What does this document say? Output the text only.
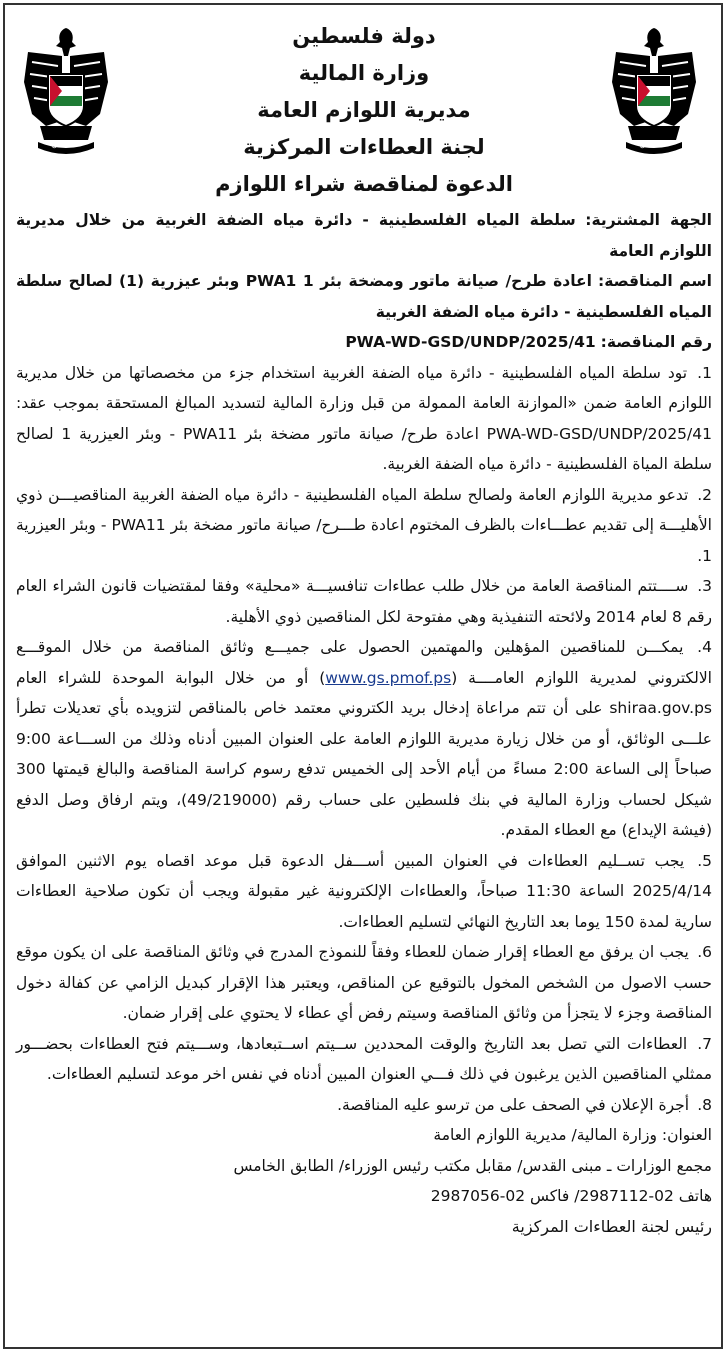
فلسطين	فلسطين
دولة فلسطين
وزارة المالية
مديرية اللوازم العامة
لجنة العطاءات المركزية
الدعوة لمناقصة شراء اللوازم

الجهة المشترية: سلطة المياه الفلسطينية - دائرة مياه الضفة الغربية من خلال مديرية اللوازم العامة

اسم المناقصة: اعادة طرح/ صيانة ماتور ومضخة بئر PWA1 1 وبئر عيزرية (1) لصالح سلطة المياه الفلسطينية - دائرة مياه الضفة الغربية

رقم المناقصة: PWA-WD-GSD/UNDP/2025/41

1. تود سلطة المياه الفلسطينية - دائرة مياه الضفة الغربية استخدام جزء من مخصصاتها من خلال مديرية اللوازم العامة ضمن «الموازنة العامة الممولة من قبل وزارة المالية لتسديد المبالغ المستحقة بموجب عقد: PWA-WD-GSD/UNDP/2025/41 اعادة طرح/ صيانة ماتور مضخة بئر PWA11 - وبئر العيزرية 1 لصالح سلطة المياة الفلسطينية - دائرة مياه الضفة الغربية.

2. تدعو مديرية اللوازم العامة ولصالح سلطة المياه الفلسطينية - دائرة مياه الضفة الغربية المناقصيـــن ذوي الأهليـــة إلى تقديم عطـــاءات بالظرف المختوم اعادة طـــرح/ صيانة ماتور مضخة بئر PWA11 - وبئر العيزرية 1.

3. ســــتتم المناقصة العامة من خلال طلب عطاءات تنافسيـــة «محلية» وفقا لمقتضيات قانون الشراء العام رقم 8 لعام 2014 ولائحته التنفيذية وهي مفتوحة لكل المناقصين ذوي الأهلية.

4. يمكـــن للمناقصين المؤهلين والمهتمين الحصول على جميـــع وثائق المناقصة من خلال الموقـــع الالكتروني لمديرية اللوازم العامــــة (www.gs.pmof.ps) أو من خلال البوابة الموحدة للشراء العام shiraa.gov.ps على أن تتم مراعاة إدخال بريد الكتروني معتمد خاص بالمناقص لتزويده بأي تعديلات تطرأ علـــى الوثائق، أو من خلال زيارة مديرية اللوازم العامة على العنوان المبين أدناه وذلك من الســـاعة 9:00 صباحاً إلى الساعة 2:00 مساءً من أيام الأحد إلى الخميس تدفع رسوم كراسة المناقصة والبالغ قيمتها 300 شيكل لحساب وزارة المالية في بنك فلسطين على حساب رقم (49/219000)، ويتم ارفاق وصل الدفع (فيشة الإيداع) مع العطاء المقدم.

5. يجب تســليم العطاءات في العنوان المبين أســـفل الدعوة قبل موعد اقصاه يوم الاثنين الموافق 2025/4/14 الساعة 11:30 صباحاً، والعطاءات الإلكترونية غير مقبولة ويجب أن تكون صلاحية العطاءات سارية لمدة 150 يوما بعد التاريخ النهائي لتسليم العطاءات.

6. يجب ان يرفق مع العطاء إقرار ضمان للعطاء وفقاً للنموذج المدرج في وثائق المناقصة على ان يكون موقع حسب الاصول من الشخص المخول بالتوقيع عن المناقص، ويعتبر هذا الإقرار كبديل الزامي عن كفالة دخول المناقصة وجزء لا يتجزأ من وثائق المناقصة وسيتم رفض أي عطاء لا يحتوي على إقرار ضمان.

7. العطاءات التي تصل بعد التاريخ والوقت المحددين ســيتم اســتبعادها، وســـيتم فتح العطاءات بحضـــور ممثلي المناقصين الذين يرغبون في ذلك فـــي العنوان المبين أدناه في نفس اخر موعد لتسليم العطاءات.

8. أجرة الإعلان في الصحف على من ترسو عليه المناقصة.

العنوان: وزارة المالية/ مديرية اللوازم العامة

مجمع الوزارات ـ مبنى القدس/ مقابل مكتب رئيس الوزراء/ الطابق الخامس

هاتف 02-2987112/ فاكس 02-2987056

رئيس لجنة العطاءات المركزية
